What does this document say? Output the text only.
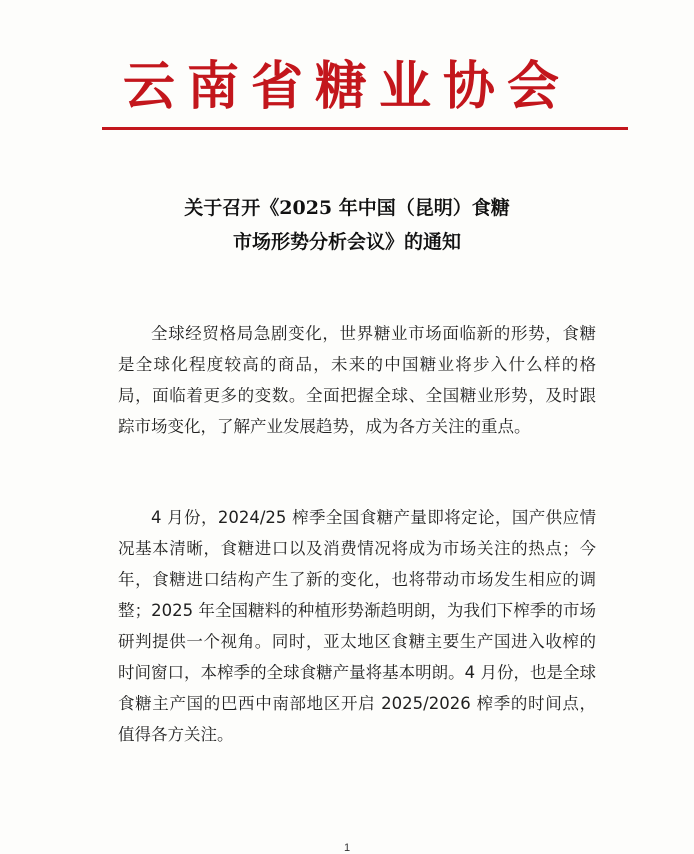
云南省糖业协会
关于召开《2025 年中国（昆明）食糖
市场形势分析会议》的通知

全球经贸格局急剧变化，世界糖业市场面临新的形势，食糖是全球化程度较高的商品，未来的中国糖业将步入什么样的格局，面临着更多的变数。全面把握全球、全国糖业形势，及时跟踪市场变化，了解产业发展趋势，成为各方关注的重点。

4 月份，2024/25 榨季全国食糖产量即将定论，国产供应情况基本清晰，食糖进口以及消费情况将成为市场关注的热点；今年，食糖进口结构产生了新的变化，也将带动市场发生相应的调整；2025 年全国糖料的种植形势渐趋明朗，为我们下榨季的市场研判提供一个视角。同时，亚太地区食糖主要生产国进入收榨的时间窗口，本榨季的全球食糖产量将基本明朗。4 月份，也是全球食糖主产国的巴西中南部地区开启 2025/2026 榨季的时间点，值得各方关注。

1
